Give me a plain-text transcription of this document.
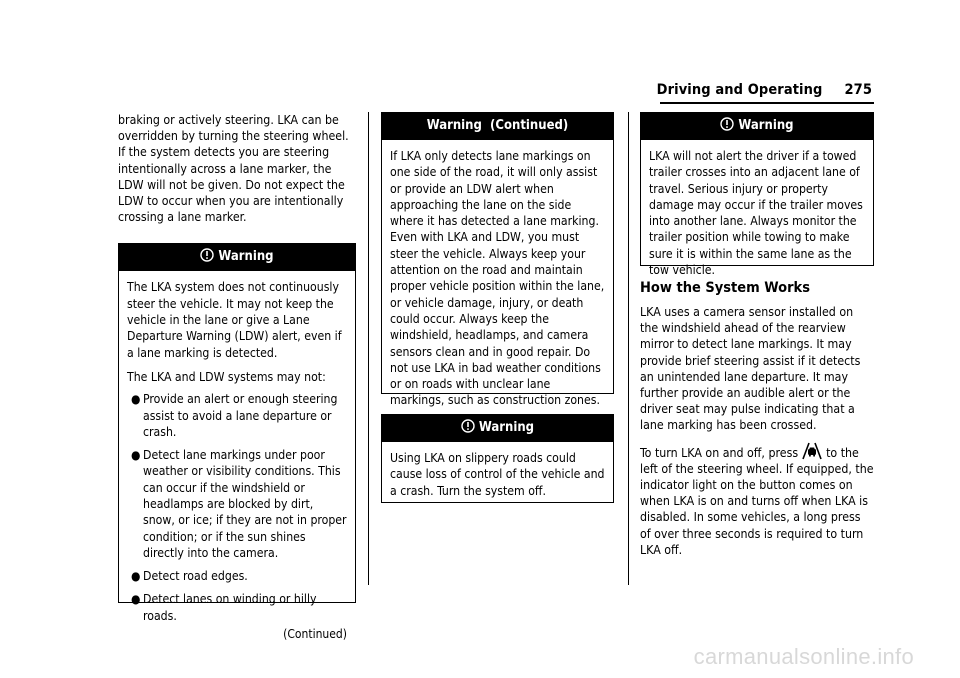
Driving and Operating 275

braking or actively steering. LKA can be overridden by turning the steering wheel. If the system detects you are steering intentionally across a lane marker, the LDW will not be given. Do not expect the LDW to occur when you are intentionally crossing a lane marker.

Warning

The LKA system does not continuously steer the vehicle. It may not keep the vehicle in the lane or give a Lane Departure Warning (LDW) alert, even if a lane marking is detected.

The LKA and LDW systems may not:

● Provide an alert or enough steering assist to avoid a lane departure or crash.
● Detect lane markings under poor weather or visibility conditions. This can occur if the windshield or headlamps are blocked by dirt, snow, or ice; if they are not in proper condition; or if the sun shines directly into the camera.
● Detect road edges.
● Detect lanes on winding or hilly roads.
(Continued)
Warning  (Continued)

If LKA only detects lane markings on one side of the road, it will only assist or provide an LDW alert when approaching the lane on the side where it has detected a lane marking. Even with LKA and LDW, you must steer the vehicle. Always keep your attention on the road and maintain proper vehicle position within the lane, or vehicle damage, injury, or death could occur. Always keep the windshield, headlamps, and camera sensors clean and in good repair. Do not use LKA in bad weather conditions or on roads with unclear lane markings, such as construction zones.

Warning

Using LKA on slippery roads could cause loss of control of the vehicle and a crash. Turn the system off.

Warning

LKA will not alert the driver if a towed trailer crosses into an adjacent lane of travel. Serious injury or property damage may occur if the trailer moves into another lane. Always monitor the trailer position while towing to make sure it is within the same lane as the tow vehicle.

How the System Works

LKA uses a camera sensor installed on the windshield ahead of the rearview mirror to detect lane markings. It may provide brief steering assist if it detects an unintended lane departure. It may further provide an audible alert or the driver seat may pulse indicating that a lane marking has been crossed.

To turn LKA on and off, press to the left of the steering wheel. If equipped, the indicator light on the button comes on when LKA is on and turns off when LKA is disabled. In some vehicles, a long press of over three seconds is required to turn LKA off.

carmanualsonline.info
